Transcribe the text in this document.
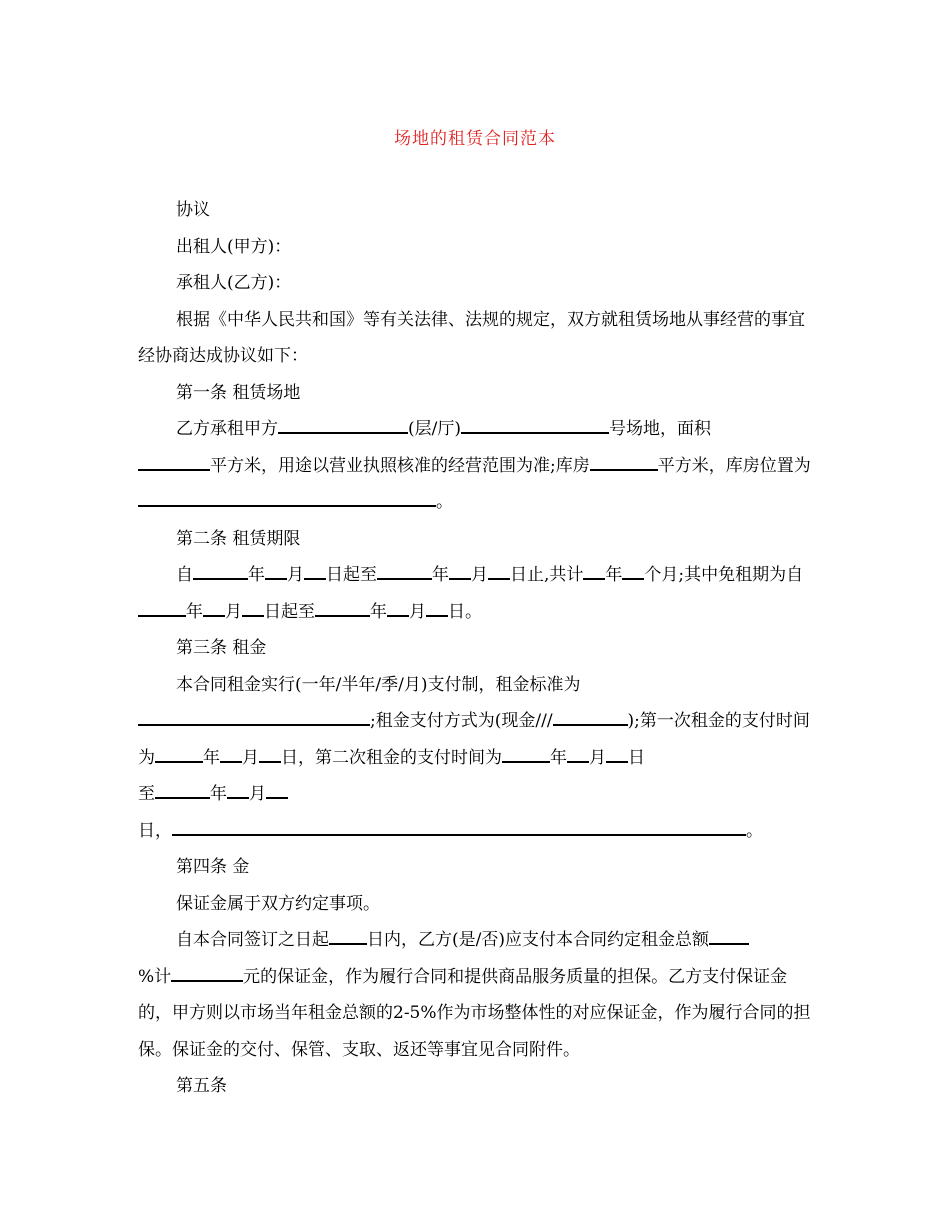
场地的租赁合同范本

协议

出租人(甲方)：

承租人(乙方)：

根据《中华人民共和国》等有关法律、法规的规定，双方就租赁场地从事经营的事宜经协商达成协议如下：

第一条 租赁场地

乙方承租甲方	(层/厅)	号场地，面积
平方米，用途以营业执照核准的经营范围为准;库房	平方米，库房位置为。

第二条 租赁期限

自	年 月 日起至	年 月 日止,共计 年 个月;其中免租期为自年 月 日起至	年 月 日。

第三条 租金

本合同租金实行(一年/半年/季/月)支付制，租金标准为
;租金支付方式为(现金///	);第一次租金的支付时间为	年 月 日，第二次租金的支付时间为	年 月 日
至	年 月
日，	。

第四条 金

保证金属于双方约定事项。

自本合同签订之日起 日内，乙方(是/否)应支付本合同约定租金总额
%计	元的保证金，作为履行合同和提供商品服务质量的担保。乙方支付保证金的，甲方则以市场当年租金总额的2-5%作为市场整体性的对应保证金，作为履行合同的担保。保证金的交付、保管、支取、返还等事宜见合同附件。

第五条
